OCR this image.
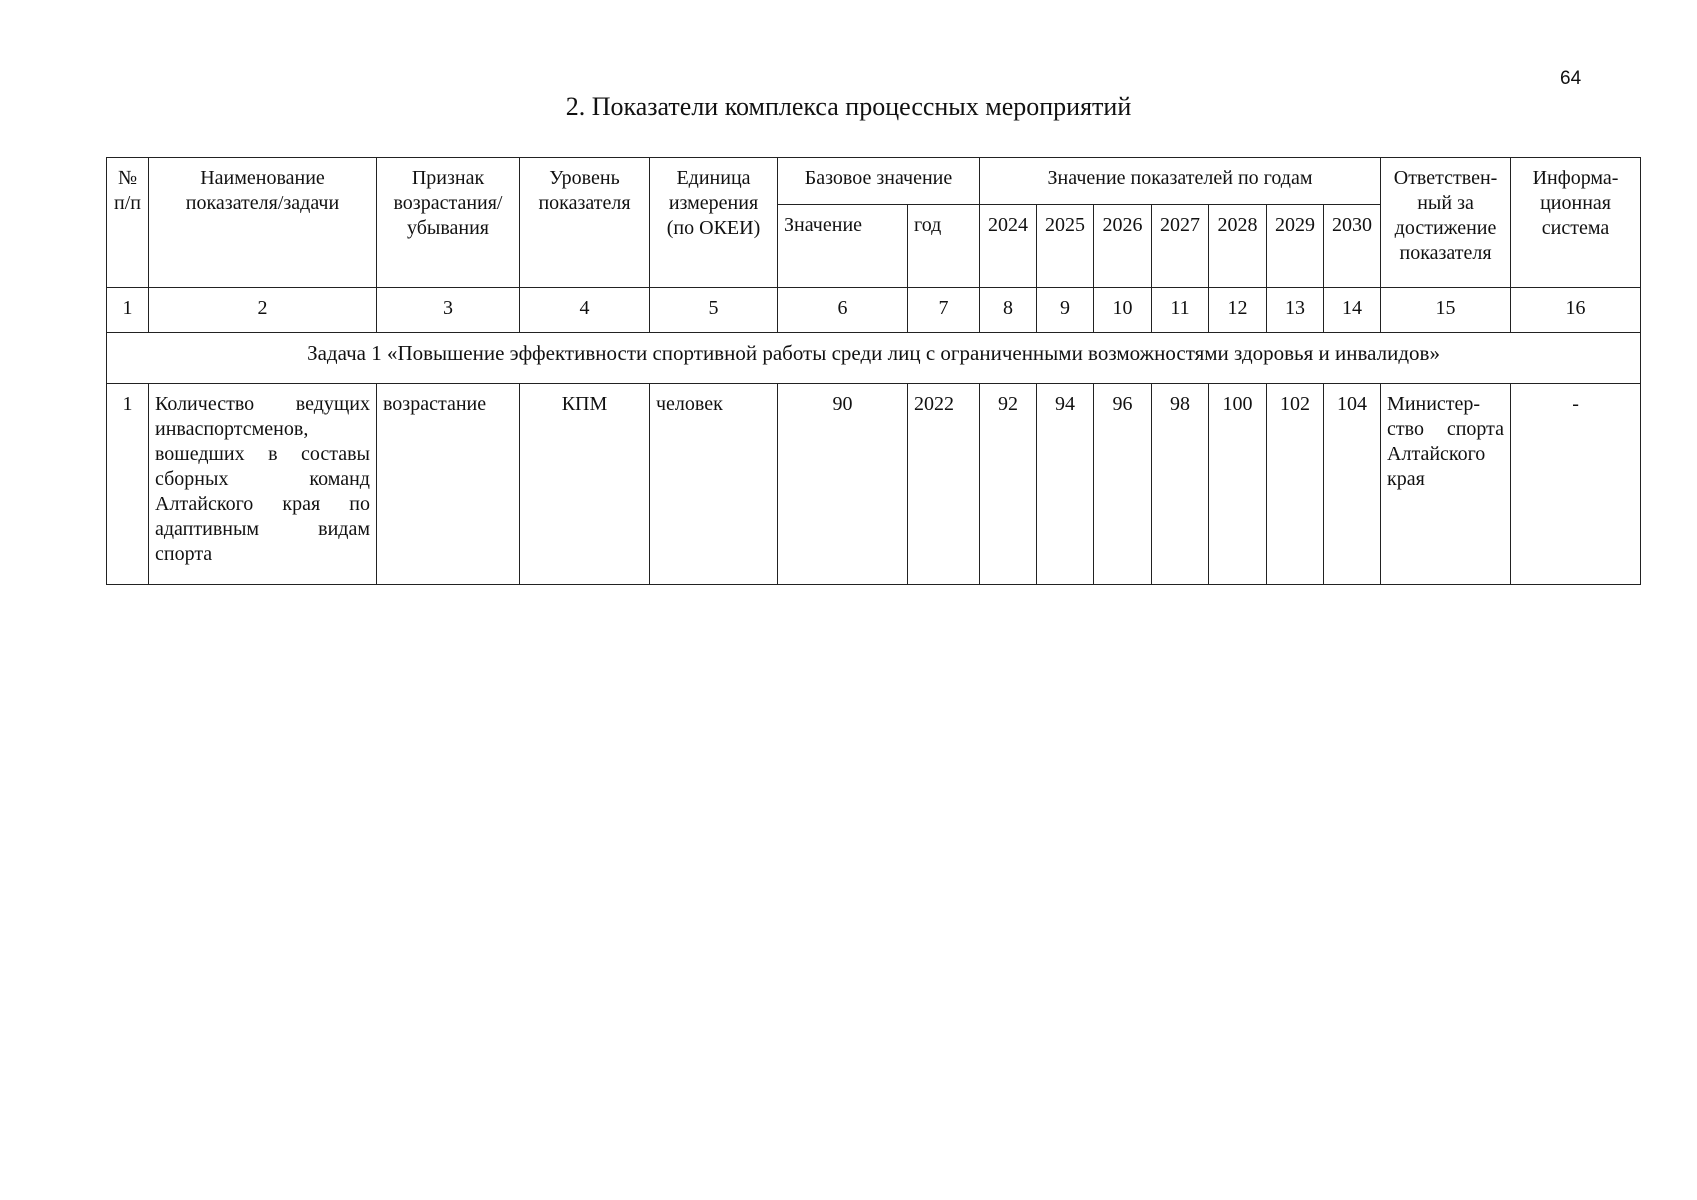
64
2. Показатели комплекса процессных мероприятий
№ п/п	Наименование показателя/задачи	Признак возрастания/ убывания	Уровень показателя	Единица измерения (по ОКЕИ)	Базовое значение		Значение показателей по годам							Ответствен-ный за достижение показателя	Информа-ционная система
					Значение	год	2024	2025	2026	2027	2028	2029	2030		
1	2	3	4	5	6	7	8	9	10	11	12	13	14	15	16
Задача 1 «Повышение эффективности спортивной работы среди лиц с ограниченными возможностями здоровья и инвалидов»															
1	Количество ведущих инваспортсменов, вошедших в составы сборных команд Алтайского края по адаптивным видам спорта	возрастание	КПМ	человек	90	2022	92	94	96	98	100	102	104	Министер-ство спорта Алтайского края	-
